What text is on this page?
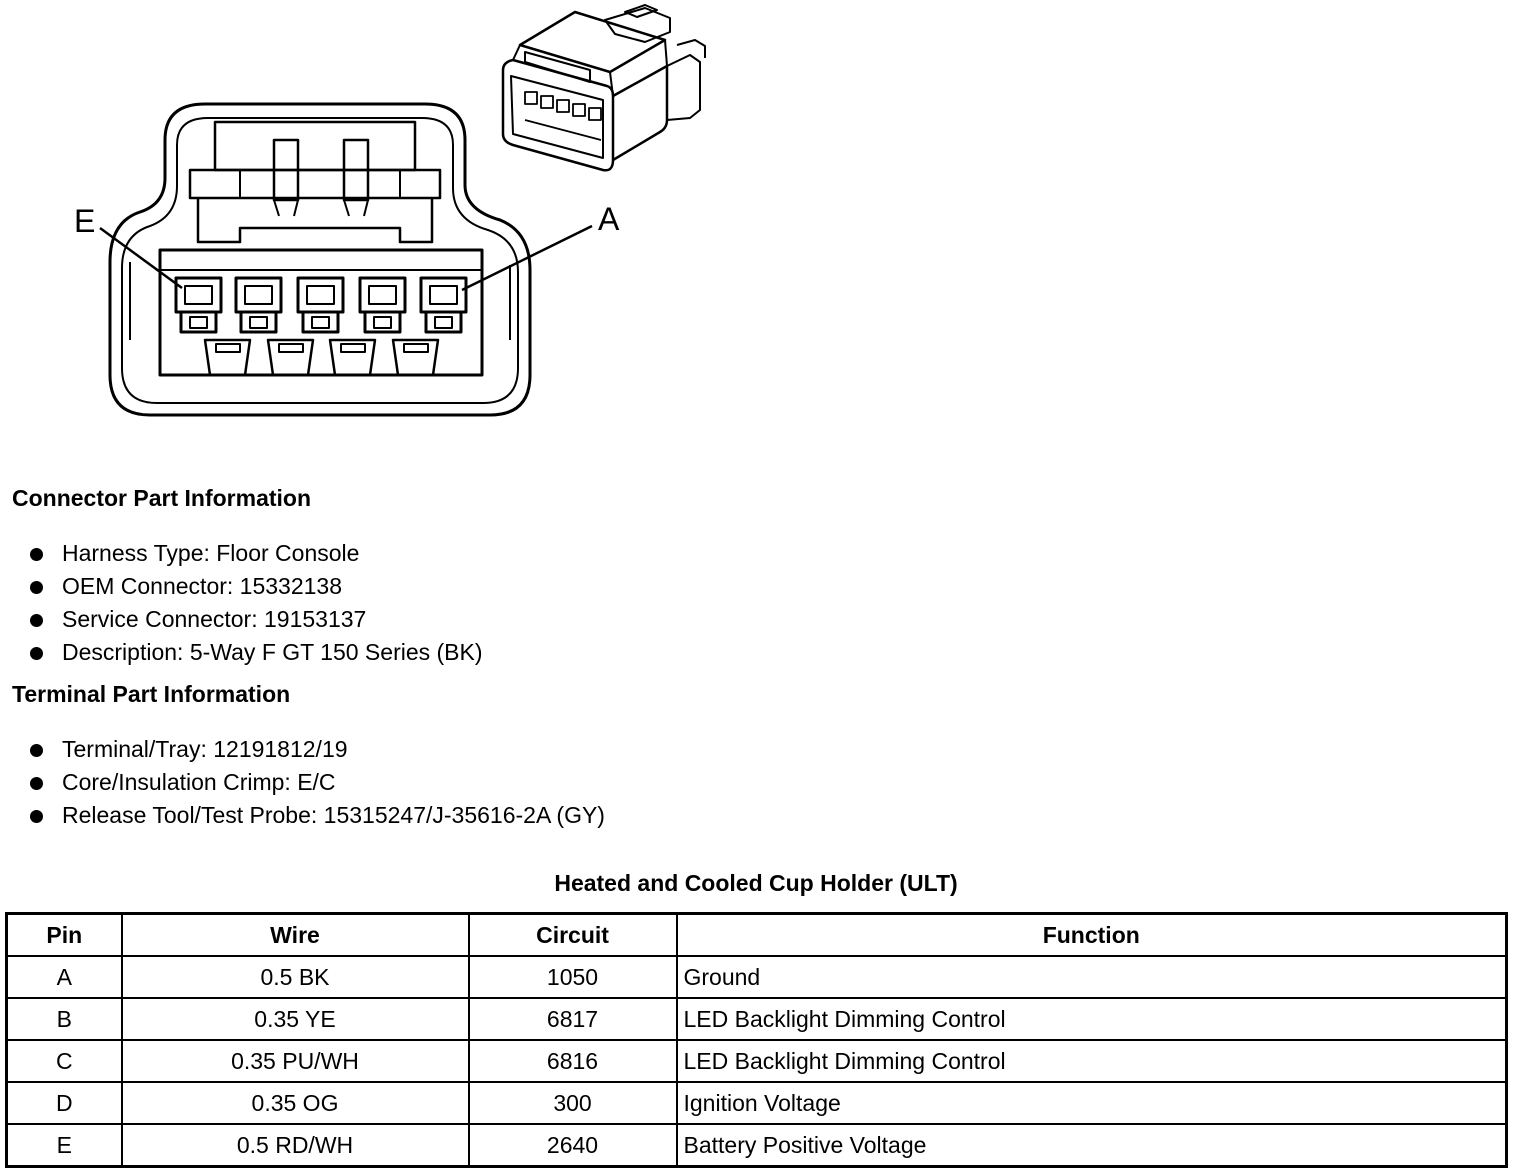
E	A
Connector Part Information
Harness Type: Floor Console
OEM Connector: 15332138
Service Connector: 19153137
Description: 5-Way F GT 150 Series (BK)
Terminal Part Information
Terminal/Tray: 12191812/19
Core/Insulation Crimp: E/C
Release Tool/Test Probe: 15315247/J-35616-2A (GY)
Heated and Cooled Cup Holder (ULT)
Pin	Wire	Circuit	Function
A	0.5 BK	1050	Ground
B	0.35 YE	6817	LED Backlight Dimming Control
C	0.35 PU/WH	6816	LED Backlight Dimming Control
D	0.35 OG	300	Ignition Voltage
E	0.5 RD/WH	2640	Battery Positive Voltage
